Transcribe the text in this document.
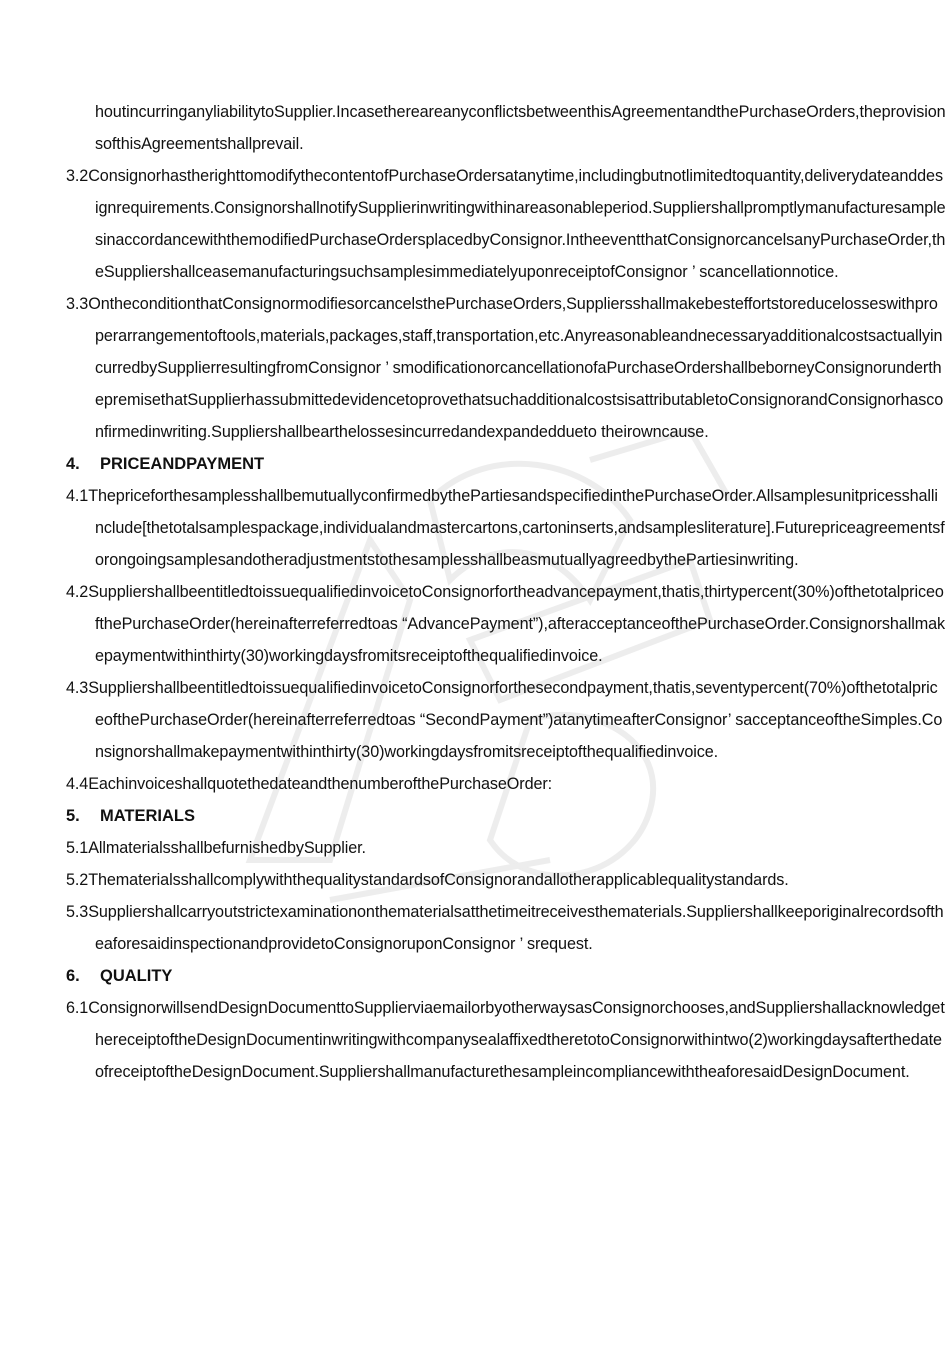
houtincurringanyliabilitytoSupplier.IncasethereareanyconflictsbetweenthisAgreementandthePurchaseOrders,theprovisionsofthisAgreementshallprevail.

3.2ConsignorhastherighttomodifythecontentofPurchaseOrdersatanytime,includingbutnotlimitedtoquantity,deliverydateanddesignrequirements.ConsignorshallnotifySupplierinwritingwithinareasonableperiod.SuppliershallpromptlymanufacturesamplesinaccordancewiththemodifiedPurchaseOrdersplacedbyConsignor.IntheeventthatConsignorcancelsanyPurchaseOrder,theSuppliershallceasemanufacturingsuchsamplesimmediatelyuponreceiptofConsignor ’ scancellationnotice.

3.3OntheconditionthatConsignormodifiesorcancelsthePurchaseOrders,Suppliersshallmakebesteffortstoreducelosseswithproperarrangementoftools,materials,packages,staff,transportation,etc.AnyreasonableandnecessaryadditionalcostsactuallyincurredbySupplierresultingfromConsignor ’ smodificationorcancellationofaPurchaseOrdershallbeborneyConsignorunderthepremisethatSupplierhassubmittedevidencetoprovethatsuchadditionalcostsisattributabletoConsignorandConsignorhasconfirmedinwriting.Suppliershallbearthelossesincurredandexpandeddueto theirowncause.

4. PRICEANDPAYMENT

4.1ThepriceforthesamplesshallbemutuallyconfirmedbythePartiesandspecifiedinthePurchaseOrder.Allsamplesunitpricesshallinclude[thetotalsamplespackage,individualandmastercartons,cartoninserts,andsamplesliterature].FuturepriceagreementsforongoingsamplesandotheradjustmentstothesamplesshallbeasmutuallyagreedbythePartiesinwriting.

4.2SuppliershallbeentitledtoissuequalifiedinvoicetoConsignorfortheadvancepayment,thatis,thirtypercent(30%)ofthetotalpriceofthePurchaseOrder(hereinafterreferredtoas “AdvancePayment”),afteracceptanceofthePurchaseOrder.Consignorshallmakepaymentwithinthirty(30)workingdaysfromitsreceiptofthequalifiedinvoice.

4.3SuppliershallbeentitledtoissuequalifiedinvoicetoConsignorforthesecondpayment,thatis,seventypercent(70%)ofthetotalpriceofthePurchaseOrder(hereinafterreferredtoas “SecondPayment”)atanytimeafterConsignor’ sacceptanceoftheSimples.Consignorshallmakepaymentwithinthirty(30)workingdaysfromitsreceiptofthequalifiedinvoice.

4.4EachinvoiceshallquotethedateandthenumberofthePurchaseOrder:

5. MATERIALS

5.1AllmaterialsshallbefurnishedbySupplier.

5.2ThematerialsshallcomplywiththequalitystandardsofConsignorandallotherapplicablequalitystandards.

5.3Suppliershallcarryoutstrictexaminationonthematerialsatthetimeitreceivesthematerials.SuppliershallkeeporiginalrecordsoftheaforesaidinspectionandprovidetoConsignoruponConsignor ’ srequest.

6. QUALITY

6.1ConsignorwillsendDesignDocumenttoSupplierviaemailorbyotherwaysasConsignorchooses,andSuppliershallacknowledgethereceiptoftheDesignDocumentinwritingwithcompanysealaffixedtheretotoConsignorwithintwo(2)workingdaysafterthedateofreceiptoftheDesignDocument.SuppliershallmanufacturethesampleincompliancewiththeaforesaidDesignDocument.
